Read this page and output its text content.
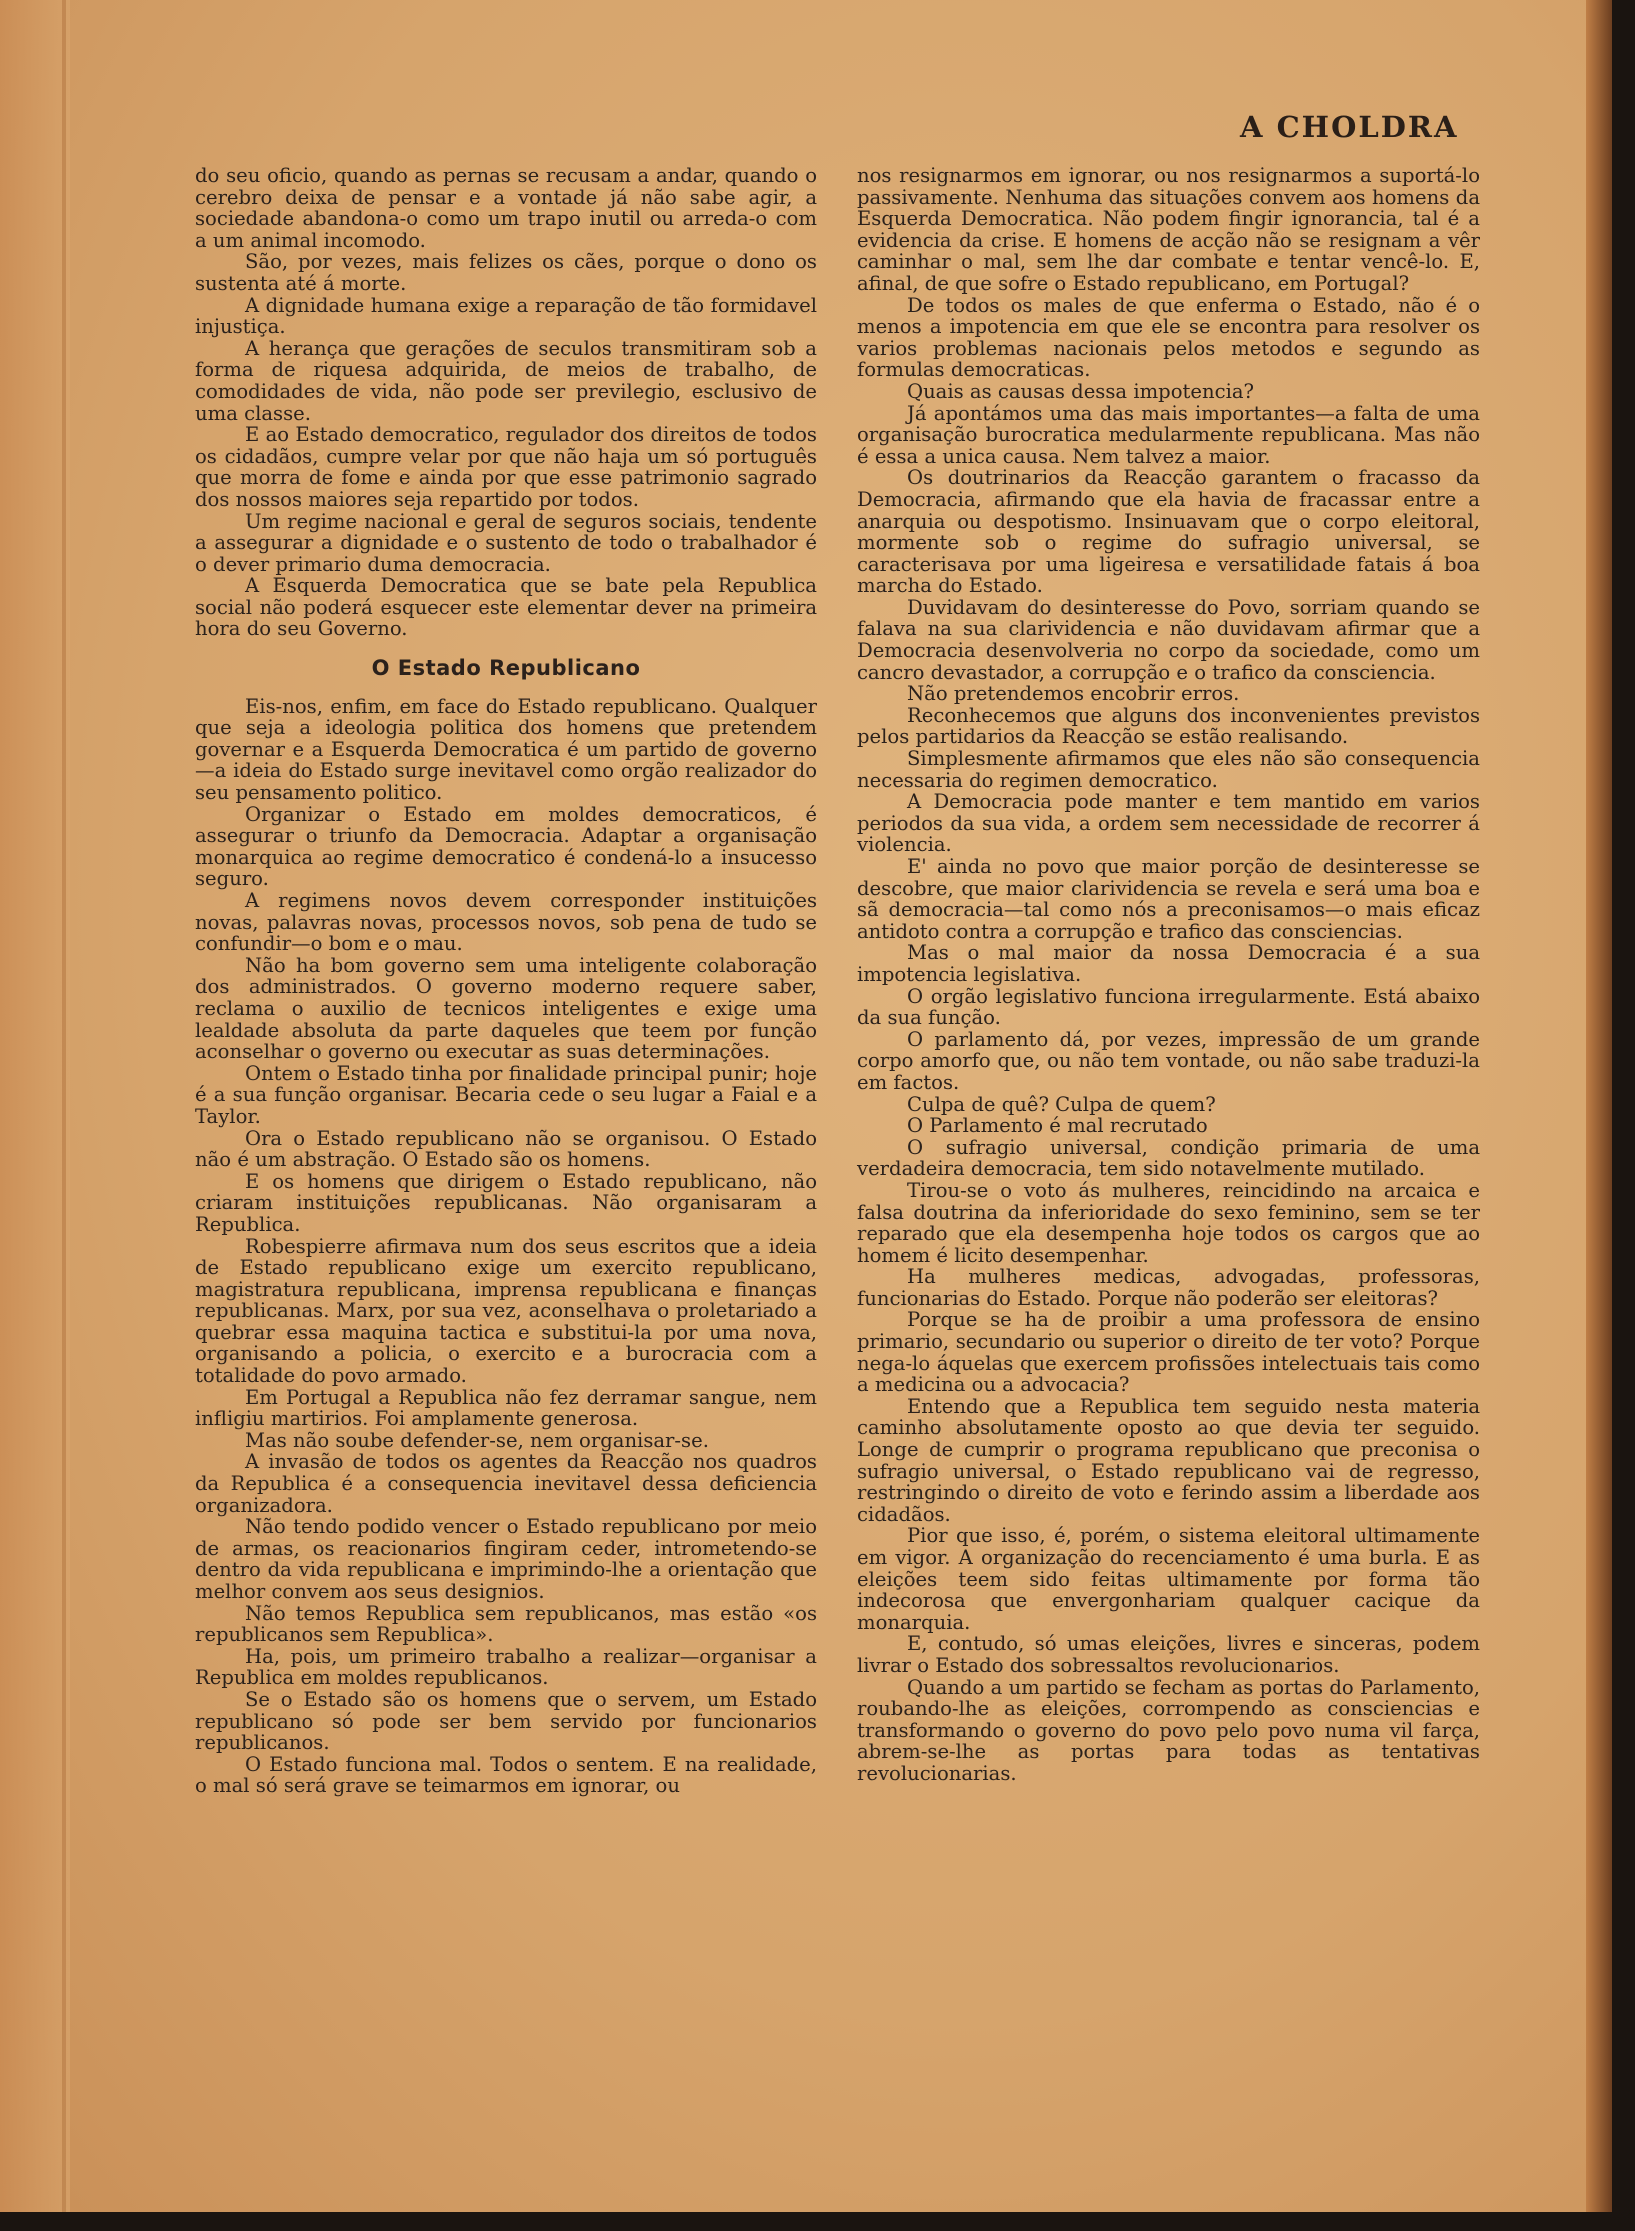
A CHOLDRA

do seu oficio, quando as pernas se recusam a andar, quando o cerebro deixa de pensar e a vontade já não sabe agir, a sociedade abandona-o como um trapo inutil ou arreda-o com a um animal incomodo.

São, por vezes, mais felizes os cães, porque o dono os sustenta até á morte.

A dignidade humana exige a reparação de tão formidavel injustiça.

A herança que gerações de seculos transmitiram sob a forma de riquesa adquirida, de meios de trabalho, de comodidades de vida, não pode ser previlegio, esclusivo de uma classe.

E ao Estado democratico, regulador dos direitos de todos os cidadãos, cumpre velar por que não haja um só português que morra de fome e ainda por que esse patrimonio sagrado dos nossos maiores seja repartido por todos.

Um regime nacional e geral de seguros sociais, tendente a assegurar a dignidade e o sustento de todo o trabalhador é o dever primario duma democracia.

A Esquerda Democratica que se bate pela Republica social não poderá esquecer este elementar dever na primeira hora do seu Governo.

O Estado Republicano

Eis-nos, enfim, em face do Estado republicano. Qualquer que seja a ideologia politica dos homens que pretendem governar e a Esquerda Democratica é um partido de governo—a ideia do Estado surge inevitavel como orgão realizador do seu pensamento politico.

Organizar o Estado em moldes democraticos, é assegurar o triunfo da Democracia. Adaptar a organisação monarquica ao regime democratico é condená-lo a insucesso seguro.

A regimens novos devem corresponder instituições novas, palavras novas, processos novos, sob pena de tudo se confundir—o bom e o mau.

Não ha bom governo sem uma inteligente colaboração dos administrados. O governo moderno requere saber, reclama o auxilio de tecnicos inteligentes e exige uma lealdade absoluta da parte daqueles que teem por função aconselhar o governo ou executar as suas determinações.

Ontem o Estado tinha por finalidade principal punir; hoje é a sua função organisar. Becaria cede o seu lugar a Faial e a Taylor.

Ora o Estado republicano não se organisou. O Estado não é um abstração. O Estado são os homens.

E os homens que dirigem o Estado republicano, não criaram instituições republicanas. Não organisaram a Republica.

Robespierre afirmava num dos seus escritos que a ideia de Estado republicano exige um exercito republicano, magistratura republicana, imprensa republicana e finanças republicanas. Marx, por sua vez, aconselhava o proletariado a quebrar essa maquina tactica e substitui-la por uma nova, organisando a policia, o exercito e a burocracia com a totalidade do povo armado.

Em Portugal a Republica não fez derramar sangue, nem infligiu martirios. Foi amplamente generosa.

Mas não soube defender-se, nem organisar-se.

A invasão de todos os agentes da Reacção nos quadros da Republica é a consequencia inevitavel dessa deficiencia organizadora.

Não tendo podido vencer o Estado republicano por meio de armas, os reacionarios fingiram ceder, intrometendo-se dentro da vida republicana e imprimindo-lhe a orientação que melhor convem aos seus designios.

Não temos Republica sem republicanos, mas estão «os republicanos sem Republica».

Ha, pois, um primeiro trabalho a realizar—organisar a Republica em moldes republicanos.

Se o Estado são os homens que o servem, um Estado republicano só pode ser bem servido por funcionarios republicanos.

O Estado funciona mal. Todos o sentem. E na realidade, o mal só será grave se teimarmos em ignorar, ou

nos resignarmos em ignorar, ou nos resignarmos a suportá-lo passivamente. Nenhuma das situações convem aos homens da Esquerda Democratica. Não podem fingir ignorancia, tal é a evidencia da crise. E homens de acção não se resignam a vêr caminhar o mal, sem lhe dar combate e tentar vencê-lo. E, afinal, de que sofre o Estado republicano, em Portugal?

De todos os males de que enferma o Estado, não é o menos a impotencia em que ele se encontra para resolver os varios problemas nacionais pelos metodos e segundo as formulas democraticas.

Quais as causas dessa impotencia?

Já apontámos uma das mais importantes—a falta de uma organisação burocratica medularmente republicana. Mas não é essa a unica causa. Nem talvez a maior.

Os doutrinarios da Reacção garantem o fracasso da Democracia, afirmando que ela havia de fracassar entre a anarquia ou despotismo. Insinuavam que o corpo eleitoral, mormente sob o regime do sufragio universal, se caracterisava por uma ligeiresa e versatilidade fatais á boa marcha do Estado.

Duvidavam do desinteresse do Povo, sorriam quando se falava na sua clarividencia e não duvidavam afirmar que a Democracia desenvolveria no corpo da sociedade, como um cancro devastador, a corrupção e o trafico da consciencia.

Não pretendemos encobrir erros.

Reconhecemos que alguns dos inconvenientes previstos pelos partidarios da Reacção se estão realisando.

Simplesmente afirmamos que eles não são consequencia necessaria do regimen democratico.

A Democracia pode manter e tem mantido em varios periodos da sua vida, a ordem sem necessidade de recorrer á violencia.

E' ainda no povo que maior porção de desinteresse se descobre, que maior clarividencia se revela e será uma boa e sã democracia—tal como nós a preconisamos—o mais eficaz antidoto contra a corrupção e trafico das consciencias.

Mas o mal maior da nossa Democracia é a sua impotencia legislativa.

O orgão legislativo funciona irregularmente. Está abaixo da sua função.

O parlamento dá, por vezes, impressão de um grande corpo amorfo que, ou não tem vontade, ou não sabe traduzi-la em factos.

Culpa de quê? Culpa de quem?

O Parlamento é mal recrutado

O sufragio universal, condição primaria de uma verdadeira democracia, tem sido notavelmente mutilado.

Tirou-se o voto ás mulheres, reincidindo na arcaica e falsa doutrina da inferioridade do sexo feminino, sem se ter reparado que ela desempenha hoje todos os cargos que ao homem é licito desempenhar.

Ha mulheres medicas, advogadas, professoras, funcionarias do Estado. Porque não poderão ser eleitoras?

Porque se ha de proibir a uma professora de ensino primario, secundario ou superior o direito de ter voto? Porque nega-lo áquelas que exercem profissões intelectuais tais como a medicina ou a advocacia?

Entendo que a Republica tem seguido nesta materia caminho absolutamente oposto ao que devia ter seguido. Longe de cumprir o programa republicano que preconisa o sufragio universal, o Estado republicano vai de regresso, restringindo o direito de voto e ferindo assim a liberdade aos cidadãos.

Pior que isso, é, porém, o sistema eleitoral ultimamente em vigor. A organização do recenciamento é uma burla. E as eleições teem sido feitas ultimamente por forma tão indecorosa que envergonhariam qualquer cacique da monarquia.

E, contudo, só umas eleições, livres e sinceras, podem livrar o Estado dos sobressaltos revolucionarios.

Quando a um partido se fecham as portas do Parlamento, roubando-lhe as eleições, corrompendo as consciencias e transformando o governo do povo pelo povo numa vil farça, abrem-se-lhe as portas para todas as tentativas revolucionarias.
